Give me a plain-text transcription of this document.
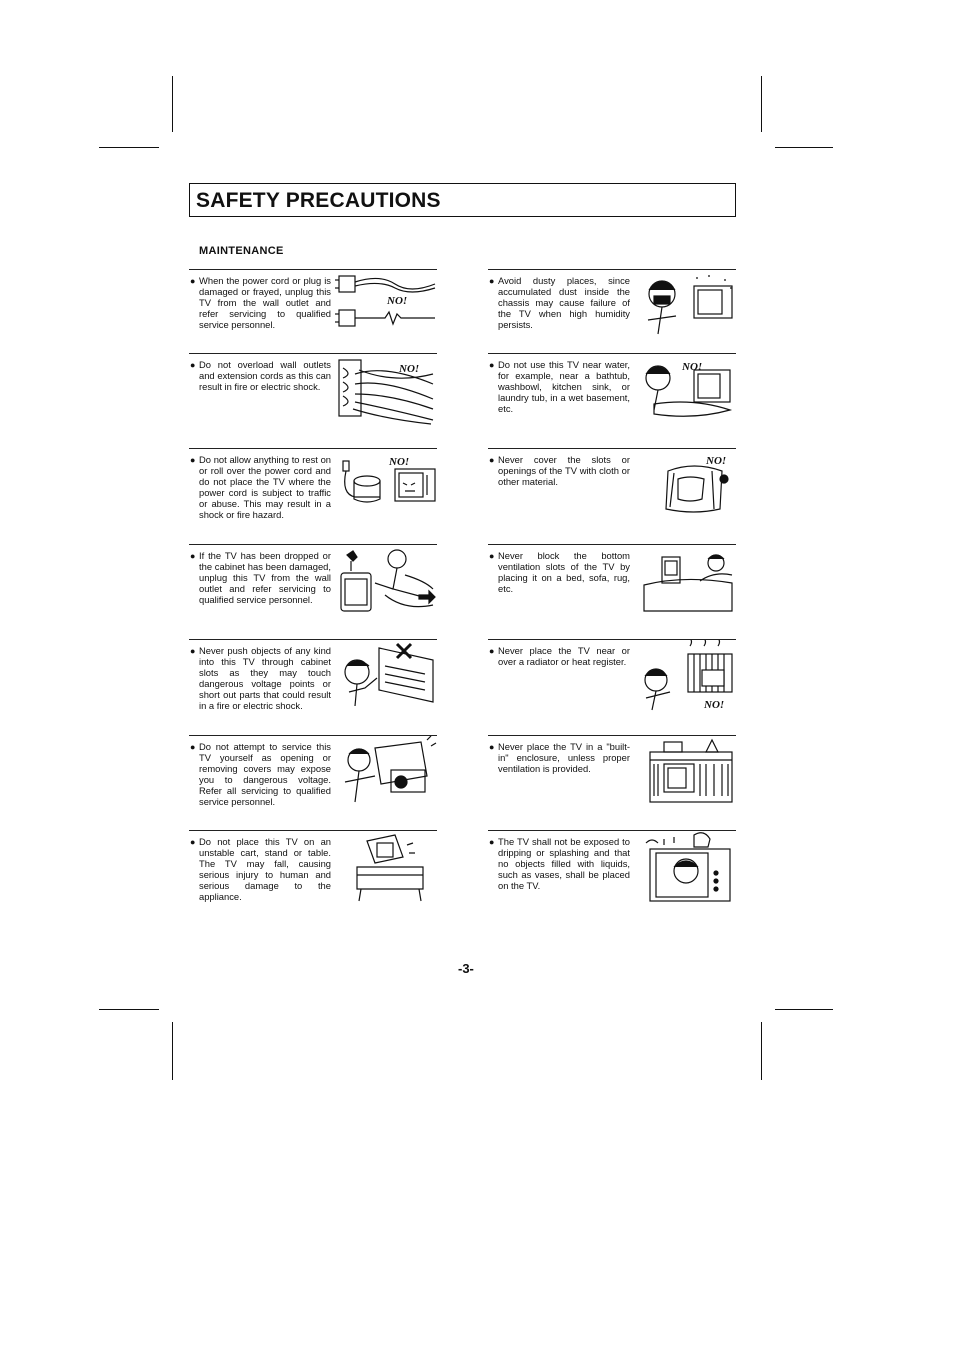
SAFETY PRECAUTIONS
MAINTENANCE
● When the power cord or plug is damaged or frayed, unplug this TV from the wall outlet and refer servicing to qualified service personnel.
NO!
● Do not overload wall outlets and extension cords as this can result in fire or electric shock.
NO!
● Do not allow anything to rest on or roll over the power cord and do not place the TV where the power cord is subject to traffic or abuse. This may result in a shock or fire hazard.
NO!
● If the TV has been dropped or the cabinet has been damaged, unplug this TV from the wall outlet and refer servicing to qualified service personnel.
● Never push objects of any kind into this TV through cabinet slots as they may touch dangerous voltage points or short out parts that could result in a fire or electric shock.
● Do not attempt to service this TV yourself as opening or removing covers may expose you to dangerous voltage. Refer all servicing to qualified service personnel.
● Do not place this TV on an unstable cart, stand or table. The TV may fall, causing serious injury to human and serious damage to the appliance.
● Avoid dusty places, since accumulated dust inside the chassis may cause failure of the TV when high humidity persists.
● Do not use this TV near water, for example, near a bathtub, washbowl, kitchen sink, or laundry tub, in a wet basement, etc.
NO!
● Never cover the slots or openings of the TV with cloth or other material.
NO!
● Never block the bottom ventilation slots of the TV by placing it on a bed, sofa, rug, etc.
● Never place the TV near or over a radiator or heat register.
NO!
● Never place the TV in a "built-in" enclosure, unless proper ventilation is provided.
● The TV shall not be exposed to dripping or splashing and that no objects filled with liquids, such as vases, shall be placed on the TV.
-3-
